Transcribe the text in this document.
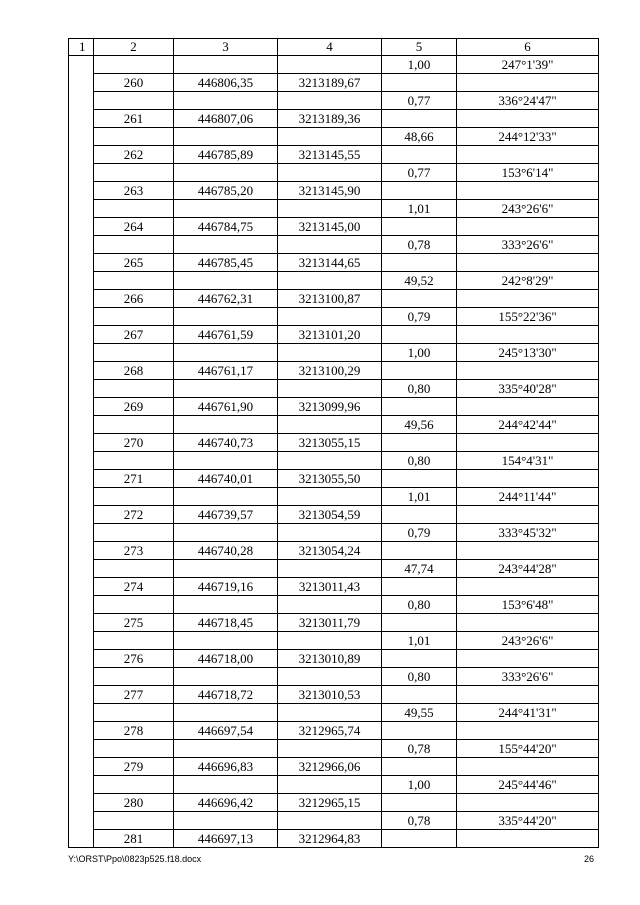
1	2	3	4	5	6
				1,00	247°1'39"
	260	446806,35	3213189,67		
				0,77	336°24'47"
	261	446807,06	3213189,36		
				48,66	244°12'33"
	262	446785,89	3213145,55		
				0,77	153°6'14"
	263	446785,20	3213145,90		
				1,01	243°26'6"
	264	446784,75	3213145,00		
				0,78	333°26'6"
	265	446785,45	3213144,65		
				49,52	242°8'29"
	266	446762,31	3213100,87		
				0,79	155°22'36"
	267	446761,59	3213101,20		
				1,00	245°13'30"
	268	446761,17	3213100,29		
				0,80	335°40'28"
	269	446761,90	3213099,96		
				49,56	244°42'44"
	270	446740,73	3213055,15		
				0,80	154°4'31"
	271	446740,01	3213055,50		
				1,01	244°11'44"
	272	446739,57	3213054,59		
				0,79	333°45'32"
	273	446740,28	3213054,24		
				47,74	243°44'28"
	274	446719,16	3213011,43		
				0,80	153°6'48"
	275	446718,45	3213011,79		
				1,01	243°26'6"
	276	446718,00	3213010,89		
				0,80	333°26'6"
	277	446718,72	3213010,53		
				49,55	244°41'31"
	278	446697,54	3212965,74		
				0,78	155°44'20"
	279	446696,83	3212966,06		
				1,00	245°44'46"
	280	446696,42	3212965,15		
				0,78	335°44'20"
	281	446697,13	3212964,83		
Y:\ORST\Ppo\0823p525.f18.docx	26
